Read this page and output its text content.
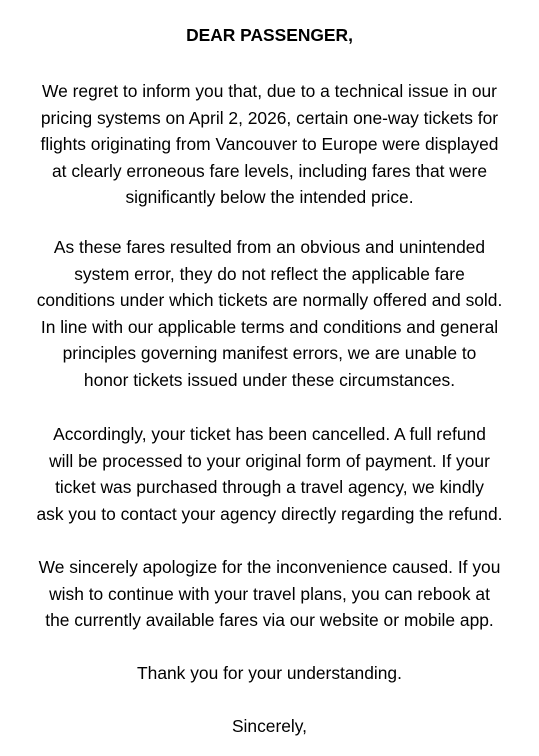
DEAR PASSENGER,
We regret to inform you that, due to a technical issue in our
pricing systems on April 2, 2026, certain one-way tickets for
flights originating from Vancouver to Europe were displayed
at clearly erroneous fare levels, including fares that were
significantly below the intended price.
As these fares resulted from an obvious and unintended
system error, they do not reflect the applicable fare
conditions under which tickets are normally offered and sold.
In line with our applicable terms and conditions and general
principles governing manifest errors, we are unable to
honor tickets issued under these circumstances.
Accordingly, your ticket has been cancelled. A full refund
will be processed to your original form of payment. If your
ticket was purchased through a travel agency, we kindly
ask you to contact your agency directly regarding the refund.
We sincerely apologize for the inconvenience caused. If you
wish to continue with your travel plans, you can rebook at
the currently available fares via our website or mobile app.
Thank you for your understanding.
Sincerely,
